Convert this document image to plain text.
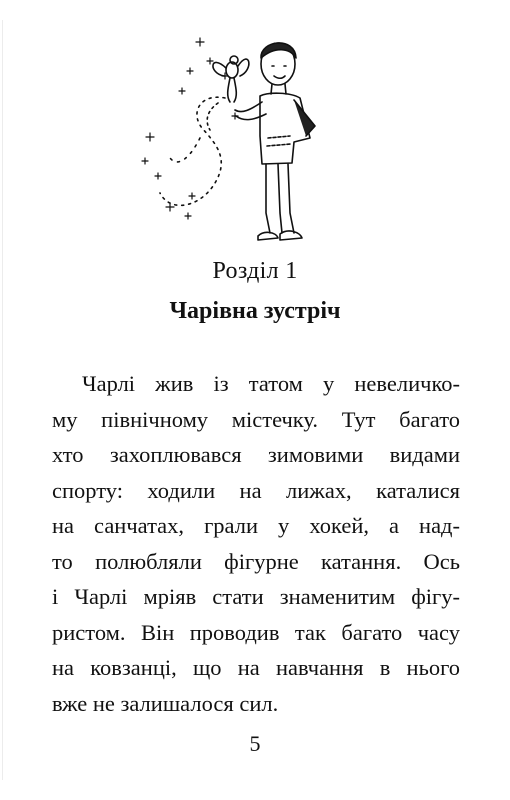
Розділ 1
Чарівна зустріч
Чарлі жив із татом у невеличко-
му північному містечку. Тут багато
хто захоплювався зимовими видами
спорту: ходили на лижах, каталися
на санчатах, грали у хокей, а над-
то полюбляли фігурне катання. Ось
і Чарлі мріяв стати знаменитим фігу-
ристом. Він проводив так багато часу
на ковзанці, що на навчання в нього
вже не залишалося сил.
5
